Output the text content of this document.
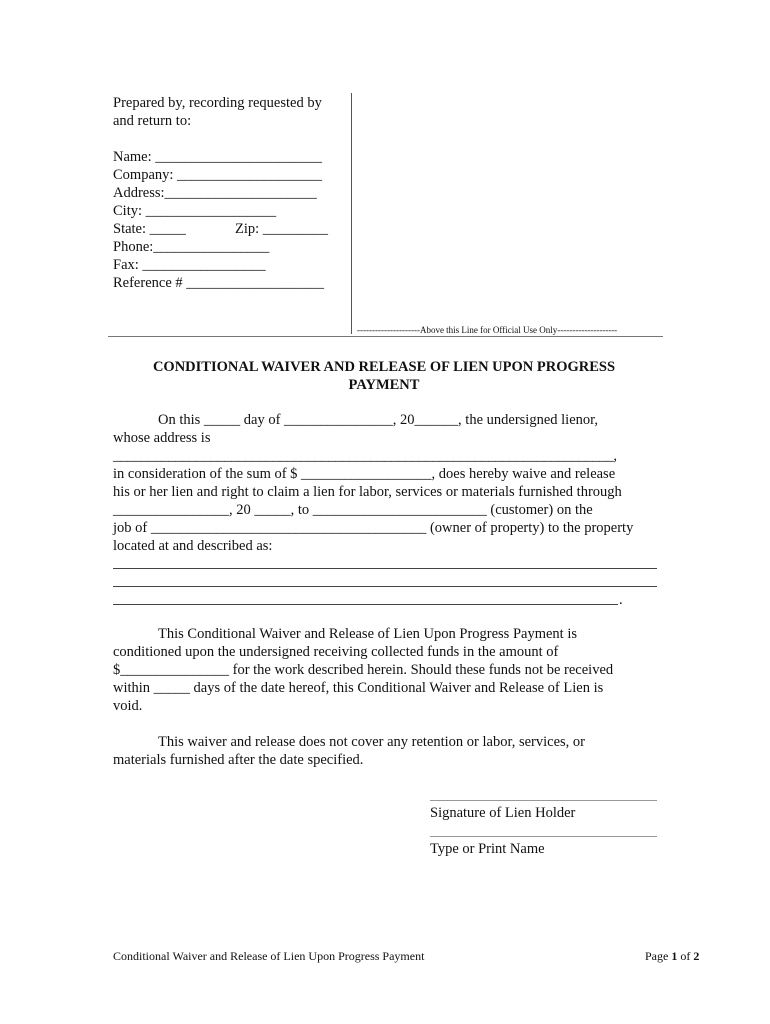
Prepared by, recording requested by
and return to:
Name: _______________________
Company: ____________________
Address:_____________________
City: __________________
State: _____	Zip: _________
Phone:________________
Fax: _________________
Reference # ___________________
---------------------Above this Line for Official Use Only--------------------
CONDITIONAL WAIVER AND RELEASE OF LIEN UPON PROGRESS
PAYMENT
On this _____ day of _______________, 20______, the undersigned lienor,
whose address is
________________________________________________________________________,
in consideration of the sum of $ __________________, does hereby waive and release
his or her lien and right to claim a lien for labor, services or materials furnished through
________________, 20 _____, to ________________________ (customer) on the
job of ______________________________________ (owner of property) to the property
located at and described as:
.
This Conditional Waiver and Release of Lien Upon Progress Payment is
conditioned upon the undersigned receiving collected funds in the amount of
$_______________ for the work described herein. Should these funds not be received
within _____ days of the date hereof, this Conditional Waiver and Release of Lien is
void.
This waiver and release does not cover any retention or labor, services, or
materials furnished after the date specified.
Signature of Lien Holder
Type or Print Name
Conditional Waiver and Release of Lien Upon Progress Payment	Page 1 of 2
